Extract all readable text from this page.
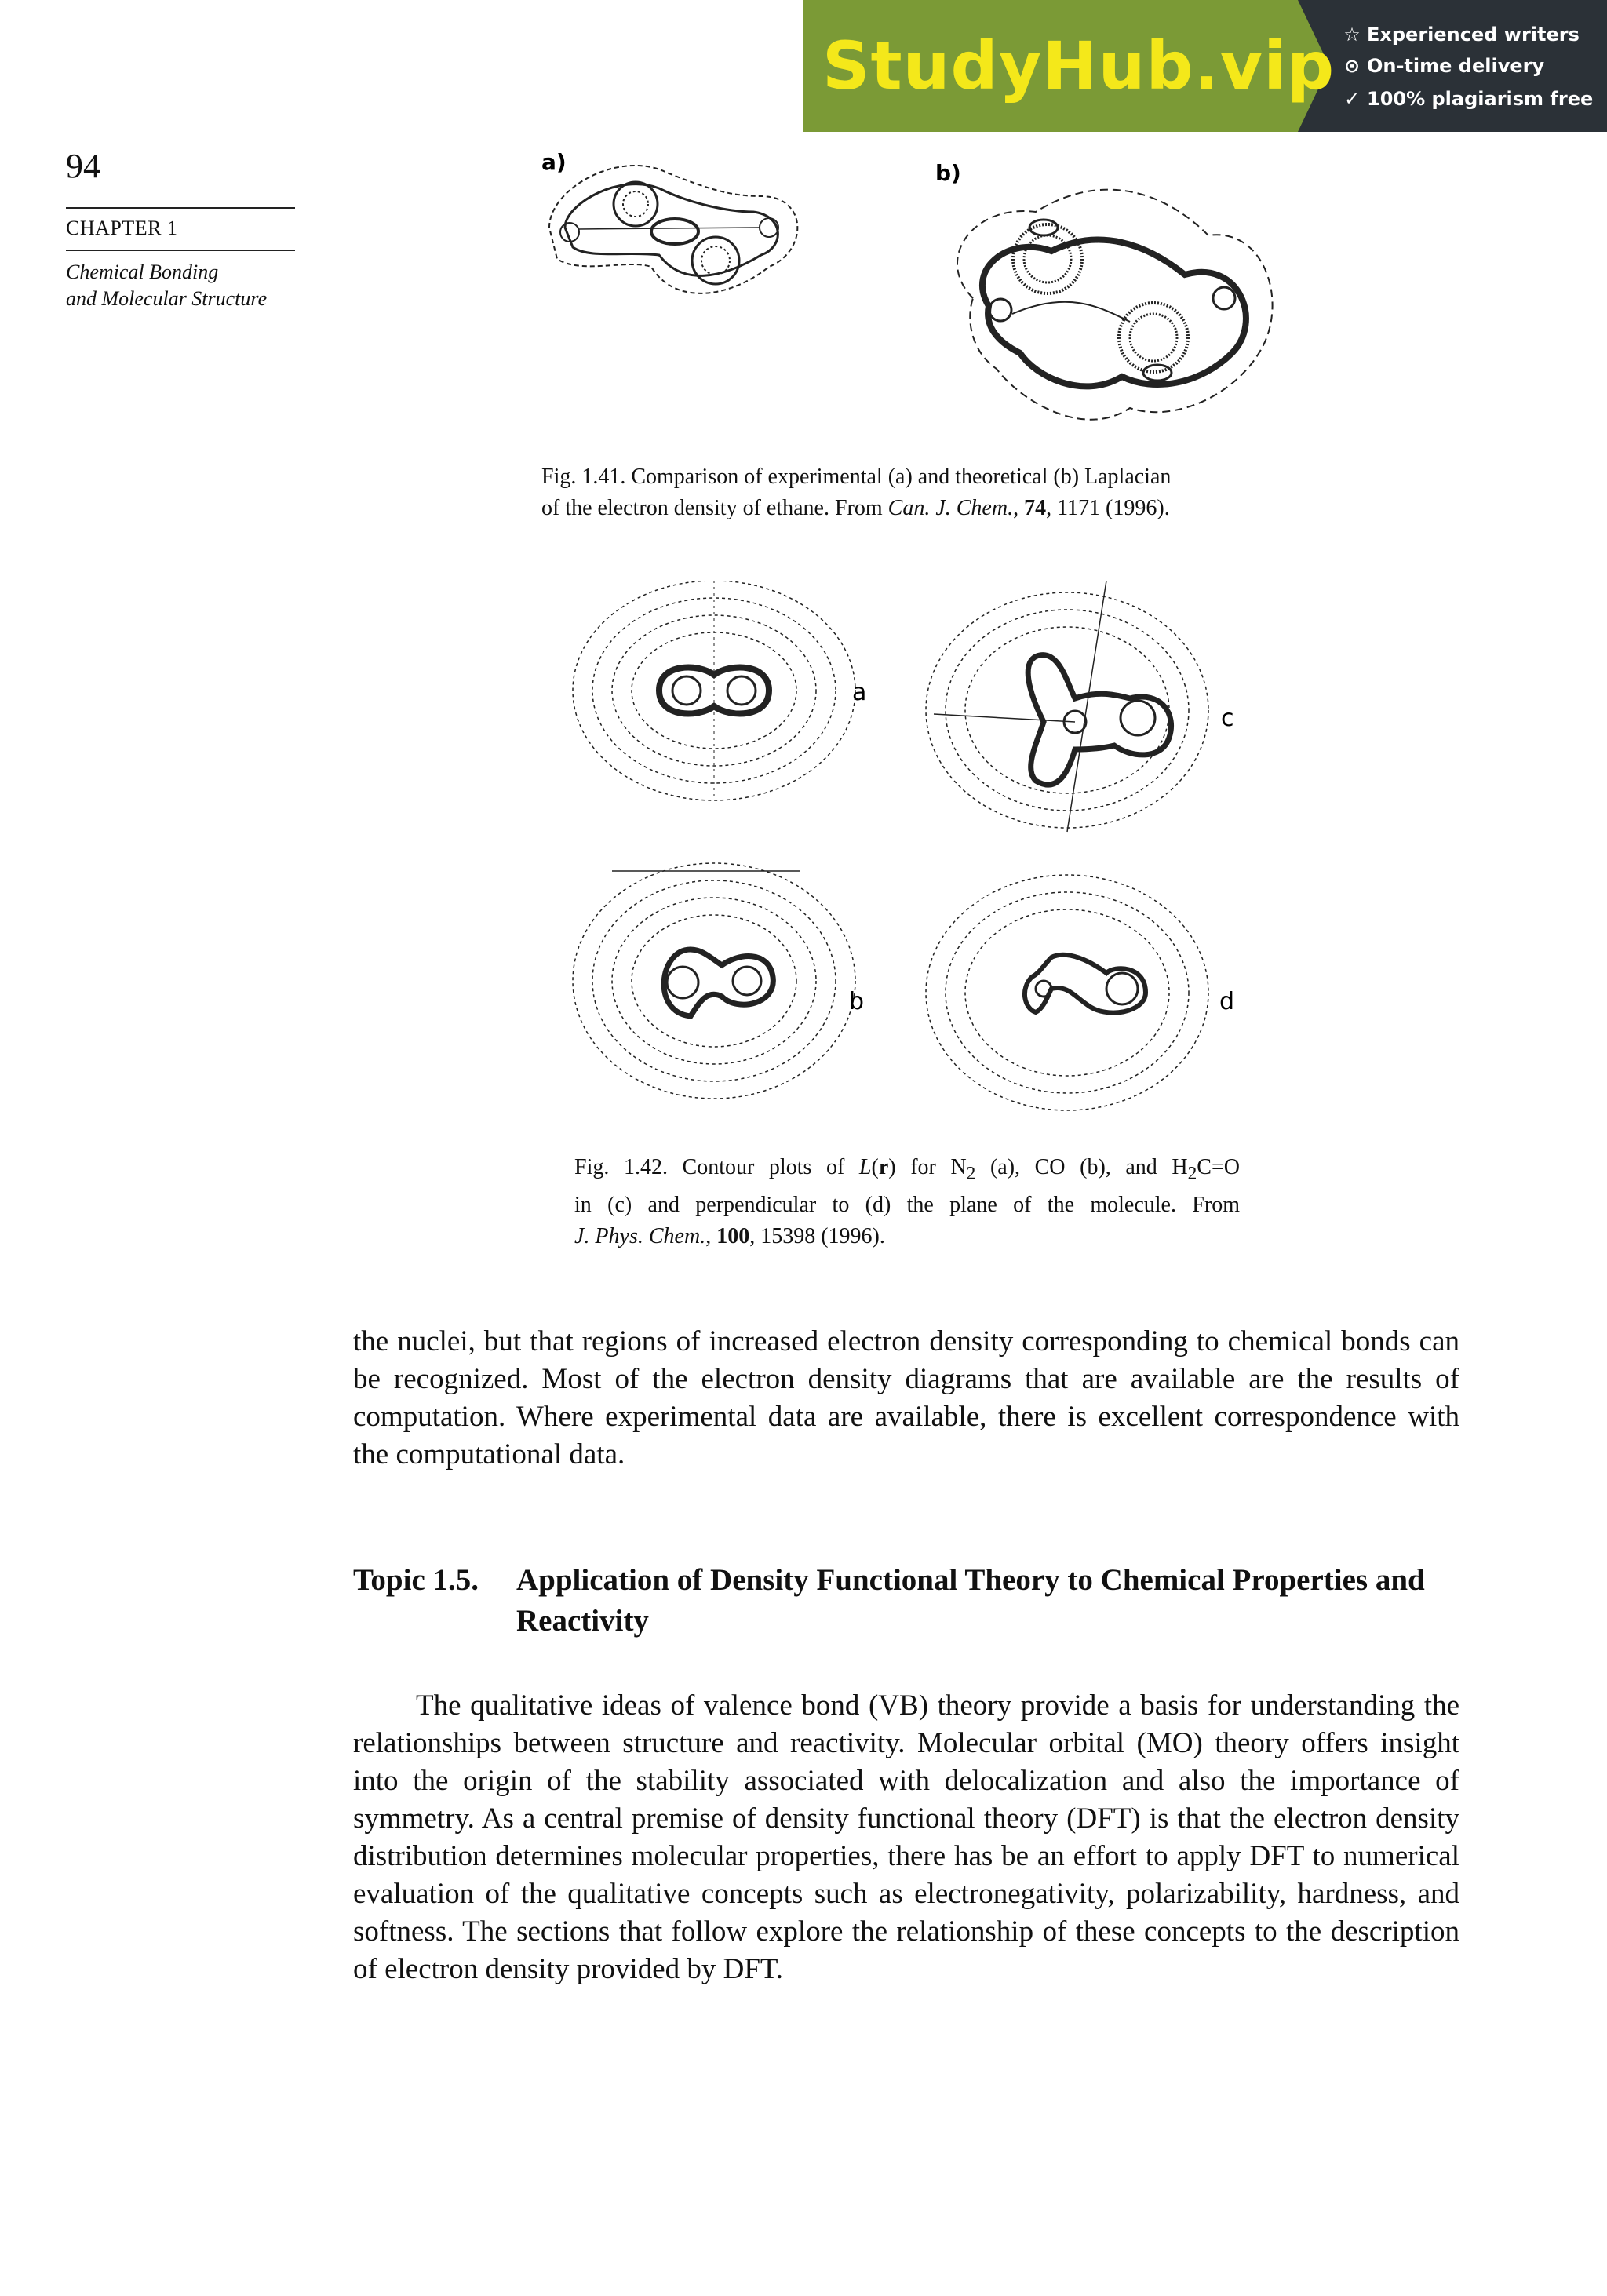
StudyHub.vip ☆ Experienced writers
⊙ On-time delivery
✓ 100% plagiarism free
94
CHAPTER 1
Chemical Bonding
and Molecular Structure
a)	b)
Fig. 1.41. Comparison of experimental (a) and theoretical (b) Laplacian
of the electron density of ethane. From Can. J. Chem., 74, 1171 (1996).
a
c
b	d
Fig. 1.42. Contour plots of L(r) for $N_2$ (a), CO (b), and $H_2C=O$
in (c) and perpendicular to (d) the plane of the molecule. From
J. Phys. Chem., 100, 15398 (1996).
the nuclei, but that regions of increased electron density corresponding to chemical bonds can be recognized. Most of the electron density diagrams that are available are the results of computation. Where experimental data are available, there is excellent correspondence with the computational data.
Topic 1.5. Application of Density Functional Theory to Chemical Properties and Reactivity
The qualitative ideas of valence bond (VB) theory provide a basis for understanding the relationships between structure and reactivity. Molecular orbital (MO) theory offers insight into the origin of the stability associated with delocalization and also the importance of symmetry. As a central premise of density functional theory (DFT) is that the electron density distribution determines molecular properties, there has be an effort to apply DFT to numerical evaluation of the qualitative concepts such as electronegativity, polarizability, hardness, and softness. The sections that follow explore the relationship of these concepts to the description of electron density provided by DFT.
